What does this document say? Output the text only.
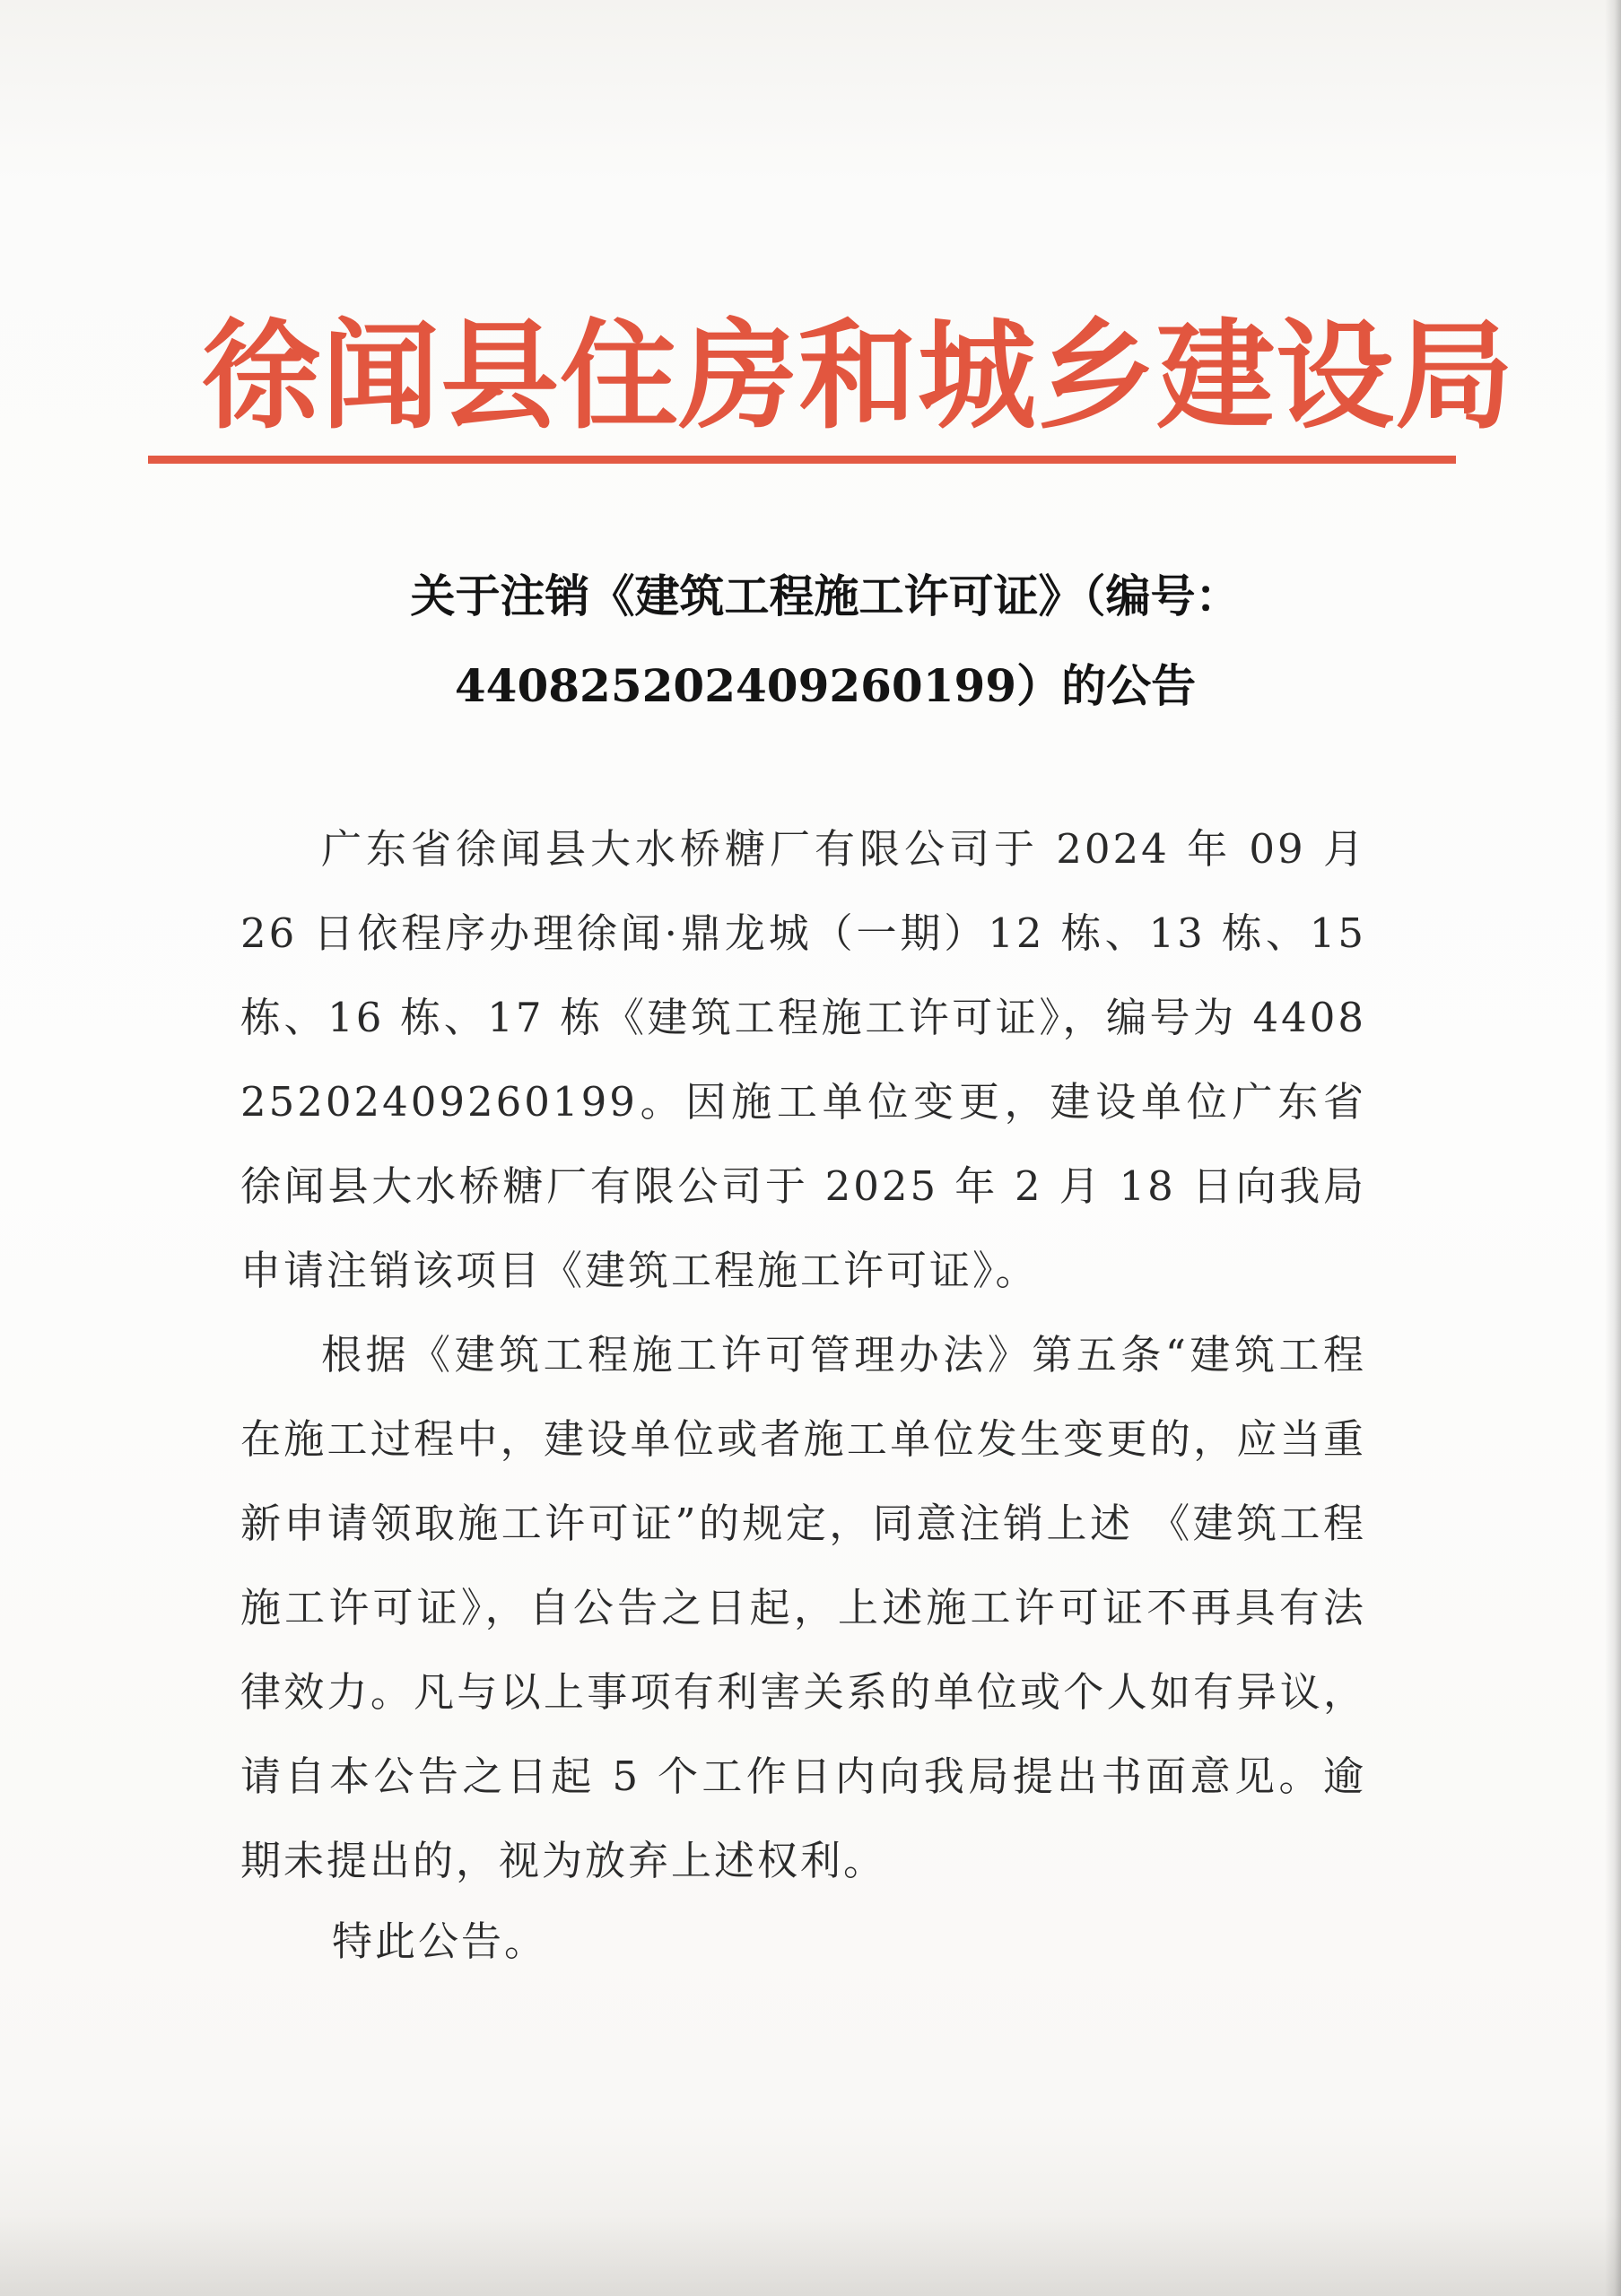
徐闻县住房和城乡建设局
关于注销《建筑工程施工许可证》（编号：
440825202409260199）的公告

广东省徐闻县大水桥糖厂有限公司于 2024 年 09 月 26 日依程序办理徐闻·鼎龙城（一期）12 栋、13 栋、15 栋、16 栋、17 栋《建筑工程施工许可证》，编号为 440825202409260199。因施工单位变更，建设单位广东省徐闻县大水桥糖厂有限公司于 2025 年 2 月 18 日向我局申请注销该项目《建筑工程施工许可证》。

根据《建筑工程施工许可管理办法》第五条“建筑工程在施工过程中，建设单位或者施工单位发生变更的，应当重新申请领取施工许可证”的规定，同意注销上述 《建筑工程施工许可证》，自公告之日起，上述施工许可证不再具有法律效力。凡与以上事项有利害关系的单位或个人如有异议，请自本公告之日起 5 个工作日内向我局提出书面意见。逾期未提出的，视为放弃上述权利。

特此公告。
